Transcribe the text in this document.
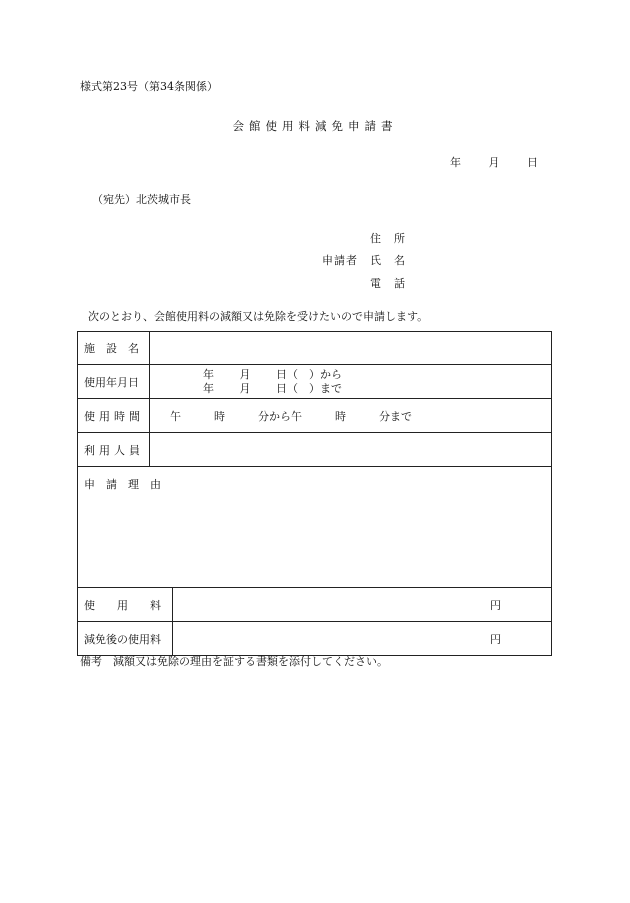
様式第23号（第34条関係）
会館使用料減免申請書
年	月	日
（宛先）北茨城市長
住　所
申請者　氏　名
電　話
次のとおり、会館使用料の減額又は免除を受けたいので申請します。
施　設　名		
使用年月日	年　　 月　　 日（　）から
年　　 月　　 日（　）まで	

使用時間	午　　　時　　　分から午　　　時　　　分まで	
利用人員		
申　請　理　由		
使　　用　　料		円

減免後の使用料		円
備考　減額又は免除の理由を証する書類を添付してください。
